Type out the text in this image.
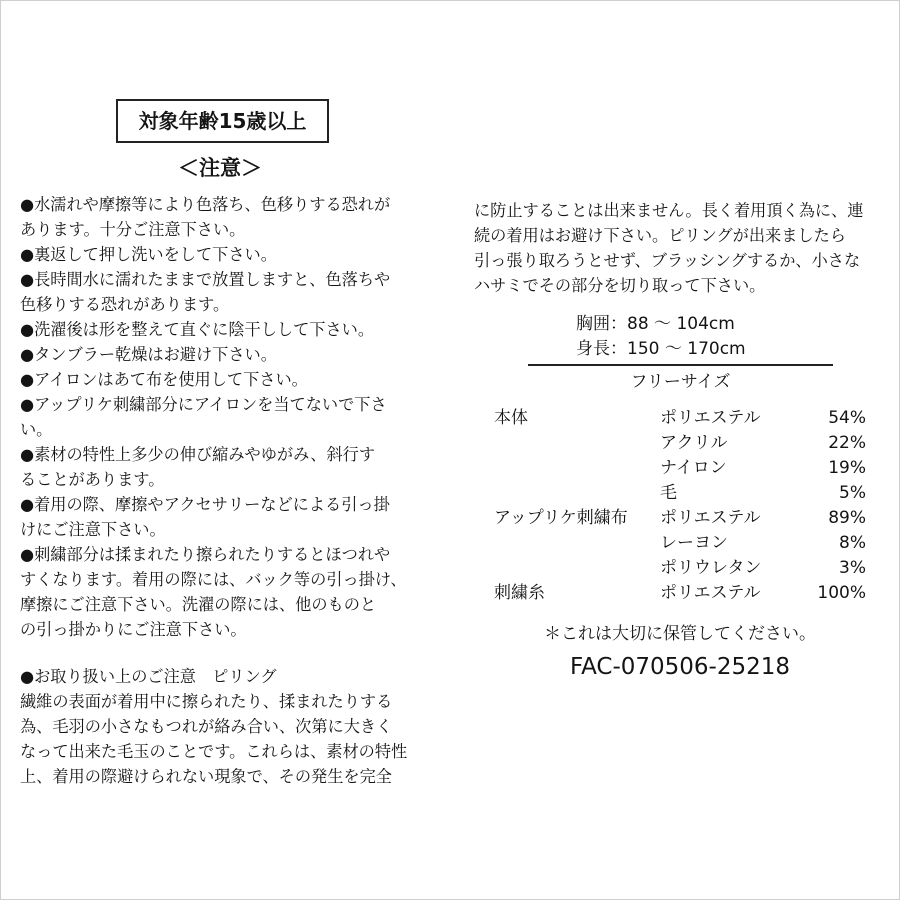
対象年齢15歳以上
＜注意＞
●水濡れや摩擦等により色落ち、色移りする恐れが
あります。十分ご注意下さい。
●裏返して押し洗いをして下さい。
●長時間水に濡れたままで放置しますと、色落ちや
色移りする恐れがあります。
●洗濯後は形を整えて直ぐに陰干しして下さい。
●タンブラー乾燥はお避け下さい。
●アイロンはあて布を使用して下さい。
●アップリケ刺繍部分にアイロンを当てないで下さ
い。
●素材の特性上多少の伸び縮みやゆがみ、斜行す
ることがあります。
●着用の際、摩擦やアクセサリーなどによる引っ掛
けにご注意下さい。
●刺繍部分は揉まれたり擦られたりするとほつれや
すくなります。着用の際には、バック等の引っ掛け、
摩擦にご注意下さい。洗濯の際には、他のものと
の引っ掛かりにご注意下さい。
●お取り扱い上のご注意　ピリング
繊維の表面が着用中に擦られたり、揉まれたりする
為、毛羽の小さなもつれが絡み合い、次第に大きく
なって出来た毛玉のことです。これらは、素材の特性
上、着用の際避けられない現象で、その発生を完全
に防止することは出来ません。長く着用頂く為に、連
続の着用はお避け下さい。ピリングが出来ましたら
引っ張り取ろうとせず、ブラッシングするか、小さな
ハサミでその部分を切り取って下さい。
胸囲：88 ～ 104cm
身長：150 ～ 170cm
フリーサイズ
本体	ポリエステル	54%
アクリル	22%
ナイロン	19%
毛	5%
アップリケ刺繍布 ポリエステル	89%
レーヨン	8%
ポリウレタン	3%
刺繍糸	ポリエステル	100%
＊これは大切に保管してください。
FAC-070506-25218
